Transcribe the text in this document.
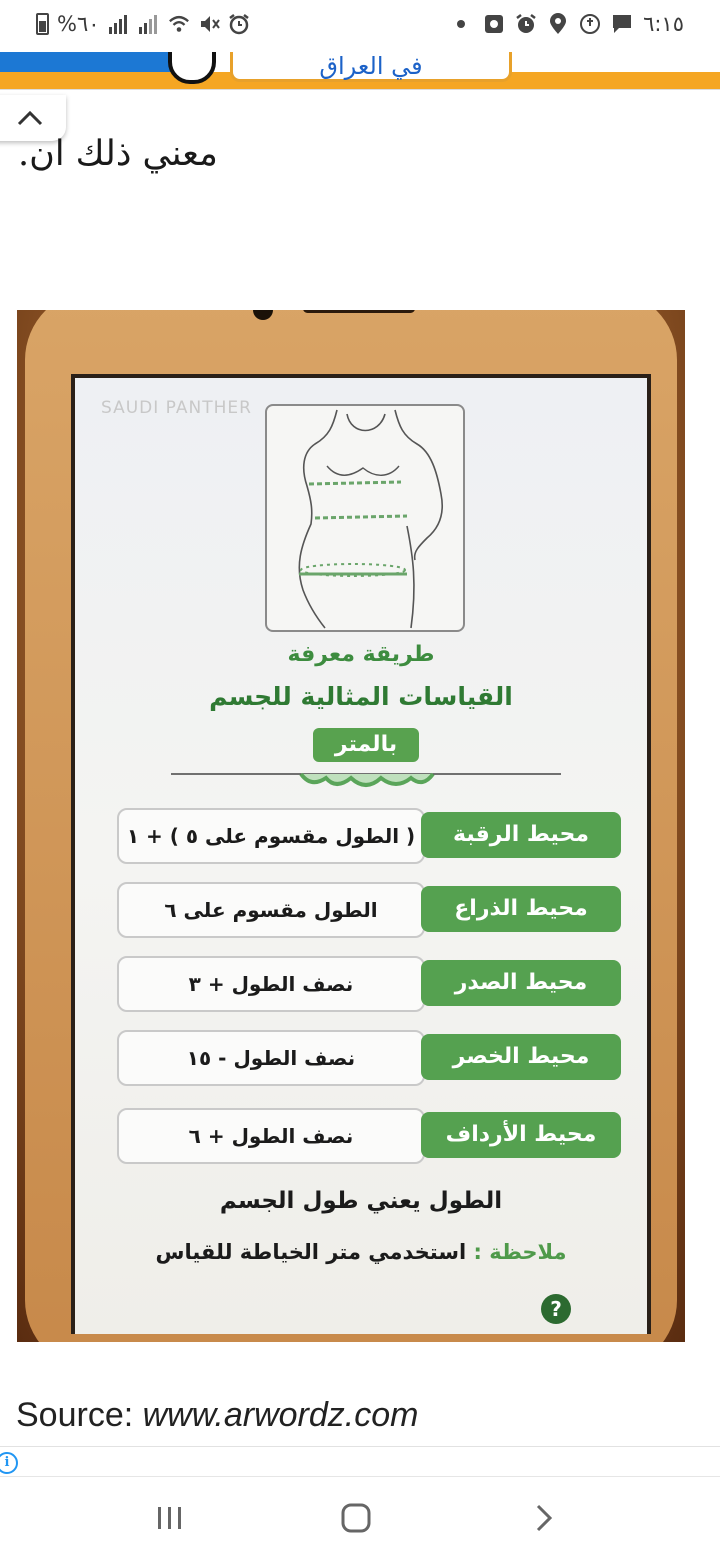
%٦٠	٦:١٥
في العراق
معني ذلك ان.
SAUDI PANTHER
طريقة معرفة
القياسات المثالية للجسم
بالمتر
( الطول مقسوم على ٥ ) + ١	محيط الرقبة
الطول مقسوم على ٦	محيط الذراع
نصف الطول + ٣	محيط الصدر
نصف الطول - ١٥	محيط الخصر
نصف الطول + ٦	محيط الأرداف
الطول يعني طول الجسم
ملاحظة : استخدمي متر الخياطة للقياس
?
Source: www.arwordz.com
i
